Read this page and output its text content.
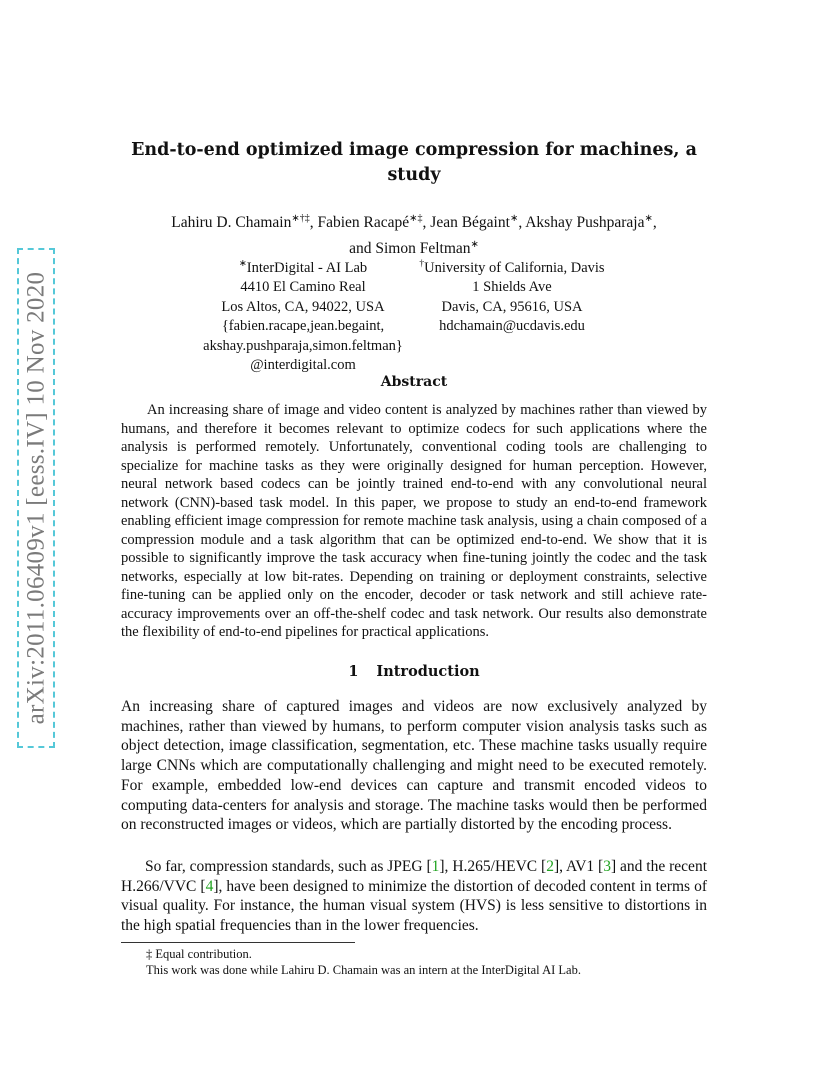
arXiv:2011.06409v1 [eess.IV] 10 Nov 2020
End-to-end optimized image compression for machines, a
study
Lahiru D. Chamain∗†‡, Fabien Racapé∗‡, Jean Bégaint∗, Akshay Pushparaja∗,
and Simon Feltman∗
∗InterDigital - AI Lab
4410 El Camino Real
Los Altos, CA, 94022, USA
{fabien.racape,jean.begaint,
akshay.pushparaja,simon.feltman}
@interdigital.com
†University of California, Davis
1 Shields Ave
Davis, CA, 95616, USA
hdchamain@ucdavis.edu
Abstract

An increasing share of image and video content is analyzed by machines rather than viewed by humans, and therefore it becomes relevant to optimize codecs for such applications where the analysis is performed remotely. Unfortunately, conventional coding tools are challenging to specialize for machine tasks as they were originally designed for human perception. However, neural network based codecs can be jointly trained end-to-end with any convolutional neural network (CNN)-based task model. In this paper, we propose to study an end-to-end framework enabling efficient image compression for remote machine task analysis, using a chain composed of a compression module and a task algorithm that can be optimized end-to-end. We show that it is possible to significantly improve the task accuracy when fine-tuning jointly the codec and the task networks, especially at low bit-rates. Depending on training or deployment constraints, selective fine-tuning can be applied only on the encoder, decoder or task network and still achieve rate-accuracy improvements over an off-the-shelf codec and task network. Our results also demonstrate the flexibility of end-to-end pipelines for practical applications.

1 Introduction

An increasing share of captured images and videos are now exclusively analyzed by machines, rather than viewed by humans, to perform computer vision analysis tasks such as object detection, image classification, segmentation, etc. These machine tasks usually require large CNNs which are computationally challenging and might need to be executed remotely. For example, embedded low-end devices can capture and transmit encoded videos to computing data-centers for analysis and storage. The machine tasks would then be performed on reconstructed images or videos, which are partially distorted by the encoding process.

So far, compression standards, such as JPEG [1], H.265/HEVC [2], AV1 [3] and the recent H.266/VVC [4], have been designed to minimize the distortion of decoded content in terms of visual quality. For instance, the human visual system (HVS) is less sensitive to distortions in the high spatial frequencies than in the lower frequencies.

‡ Equal contribution.

This work was done while Lahiru D. Chamain was an intern at the InterDigital AI Lab.
